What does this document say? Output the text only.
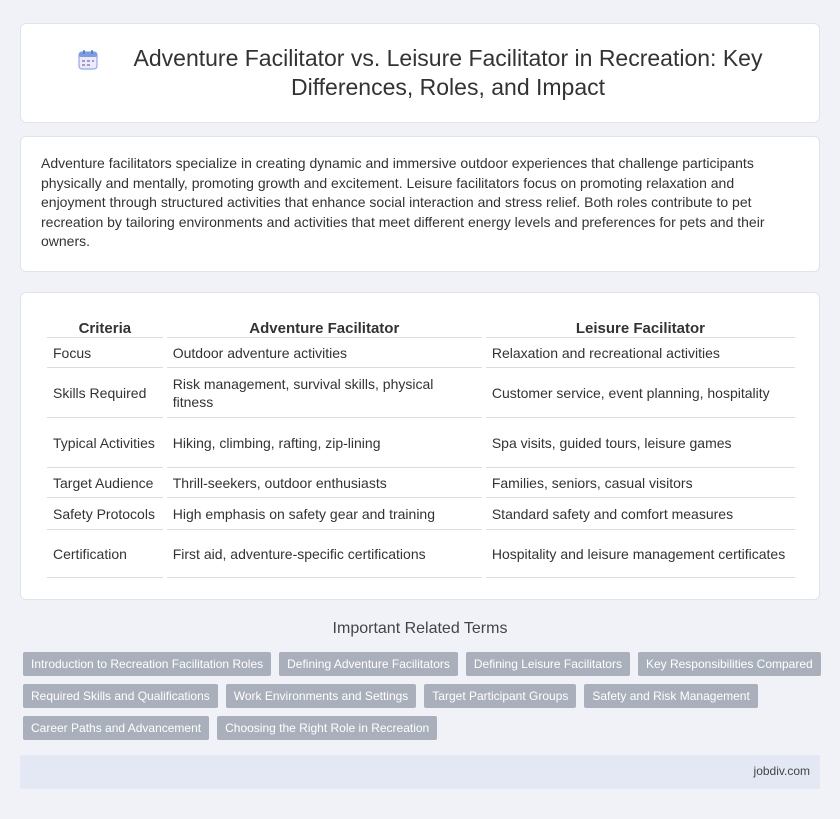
Adventure Facilitator vs. Leisure Facilitator in Recreation: Key Differences, Roles, and Impact

Adventure facilitators specialize in creating dynamic and immersive outdoor experiences that challenge participants physically and mentally, promoting growth and excitement. Leisure facilitators focus on promoting relaxation and enjoyment through structured activities that enhance social interaction and stress relief. Both roles contribute to pet recreation by tailoring environments and activities that meet different energy levels and preferences for pets and their owners.

Criteria	Adventure Facilitator	Leisure Facilitator
Focus	Outdoor adventure activities	Relaxation and recreational activities
Skills Required	Risk management, survival skills, physical fitness	Customer service, event planning, hospitality
Typical Activities	Hiking, climbing, rafting, zip-lining	Spa visits, guided tours, leisure games
Target Audience	Thrill-seekers, outdoor enthusiasts	Families, seniors, casual visitors
Safety Protocols	High emphasis on safety gear and training	Standard safety and comfort measures
Certification	First aid, adventure-specific certifications	Hospitality and leisure management certificates
Important Related Terms
Introduction to Recreation Facilitation Roles	Defining Adventure Facilitators	Defining Leisure Facilitators	Key Responsibilities Compared
Required Skills and Qualifications	Work Environments and Settings	Target Participant Groups	Safety and Risk Management
Career Paths and Advancement	Choosing the Right Role in Recreation
jobdiv.com
